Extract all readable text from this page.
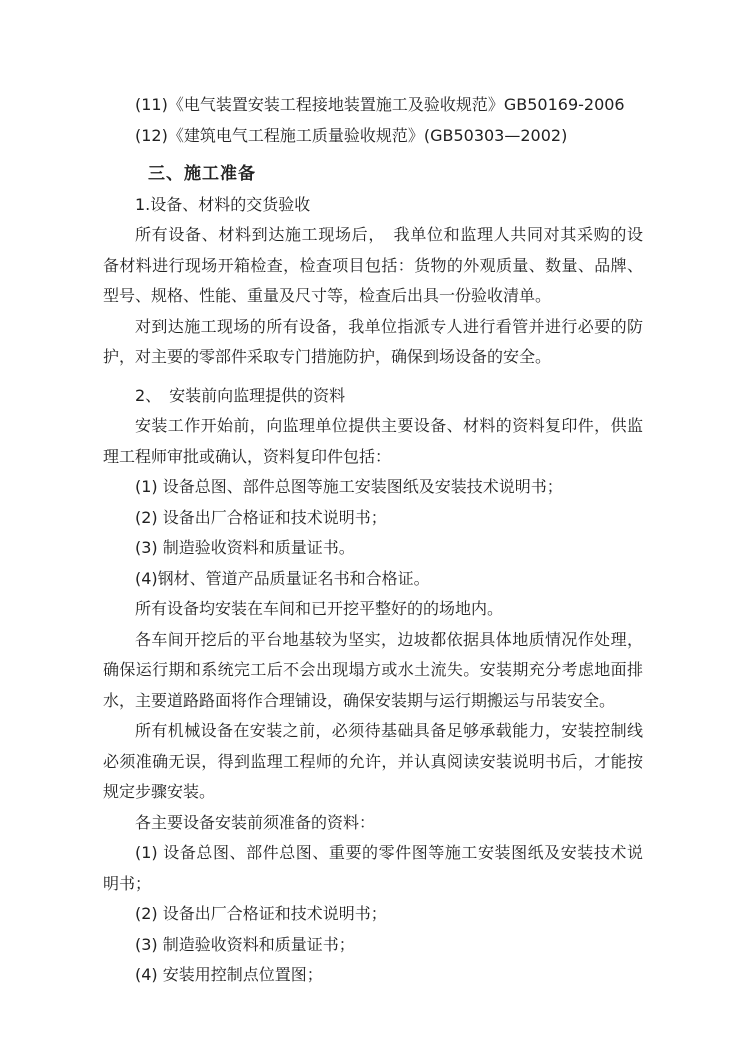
(11)《电气装置安装工程接地装置施工及验收规范》GB50169-2006
(12)《建筑电气工程施工质量验收规范》(GB50303—2002)
三、施工准备
1.设备、材料的交货验收
所有设备、材料到达施工现场后，　我单位和监理人共同对其采购的设
备材料进行现场开箱检查，检查项目包括：货物的外观质量、数量、品牌、
型号、规格、性能、重量及尺寸等，检查后出具一份验收清单。
对到达施工现场的所有设备，我单位指派专人进行看管并进行必要的防
护，对主要的零部件采取专门措施防护，确保到场设备的安全。
2、　安装前向监理提供的资料
安装工作开始前，向监理单位提供主要设备、材料的资料复印件，供监
理工程师审批或确认，资料复印件包括：
(1) 设备总图、部件总图等施工安装图纸及安装技术说明书；
(2) 设备出厂合格证和技术说明书；
(3) 制造验收资料和质量证书。
(4)钢材、管道产品质量证名书和合格证。
所有设备均安装在车间和已开挖平整好的的场地内。
各车间开挖后的平台地基较为坚实，边坡都依据具体地质情况作处理，
确保运行期和系统完工后不会出现塌方或水土流失。安装期充分考虑地面排
水，主要道路路面将作合理铺设，确保安装期与运行期搬运与吊装安全。
所有机械设备在安装之前，必须待基础具备足够承载能力，安装控制线
必须准确无误，得到监理工程师的允许，并认真阅读安装说明书后，才能按
规定步骤安装。
各主要设备安装前须准备的资料：
(1) 设备总图、部件总图、重要的零件图等施工安装图纸及安装技术说
明书；
(2) 设备出厂合格证和技术说明书；
(3) 制造验收资料和质量证书；
(4) 安装用控制点位置图；
